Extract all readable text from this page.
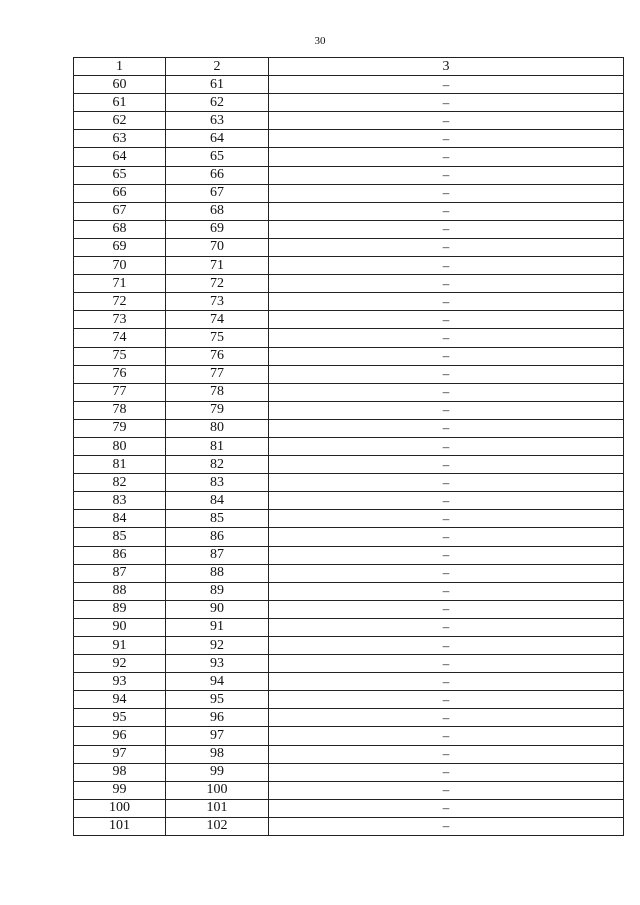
30
1	2	3
60	61	–
61	62	–
62	63	–
63	64	–
64	65	–
65	66	–
66	67	–
67	68	–
68	69	–
69	70	–
70	71	–
71	72	–
72	73	–
73	74	–
74	75	–
75	76	–
76	77	–
77	78	–
78	79	–
79	80	–
80	81	–
81	82	–
82	83	–
83	84	–
84	85	–
85	86	–
86	87	–
87	88	–
88	89	–
89	90	–
90	91	–
91	92	–
92	93	–
93	94	–
94	95	–
95	96	–
96	97	–
97	98	–
98	99	–
99	100	–
100	101	–
101	102	–
